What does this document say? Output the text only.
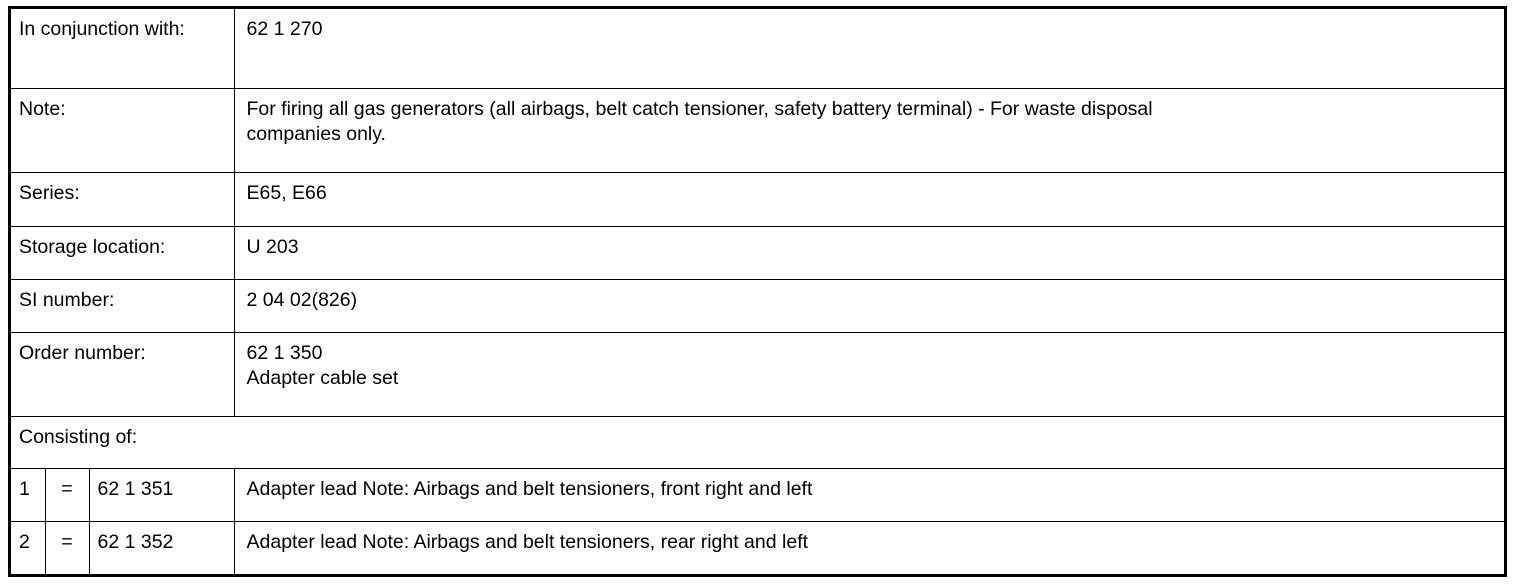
In conjunction with:			62 1 270

Note:			For firing all gas generators (all airbags, belt catch tensioner, safety battery terminal) - For waste disposal
companies only.

Series:			E65, E66

Storage location:			U 203

SI number:			2 04 02(826)

Order number:			62 1 350
Adapter cable set

Consisting of:			
1	=	62 1 351	Adapter lead Note: Airbags and belt tensioners, front right and left
2	=	62 1 352	Adapter lead Note: Airbags and belt tensioners, rear right and left
